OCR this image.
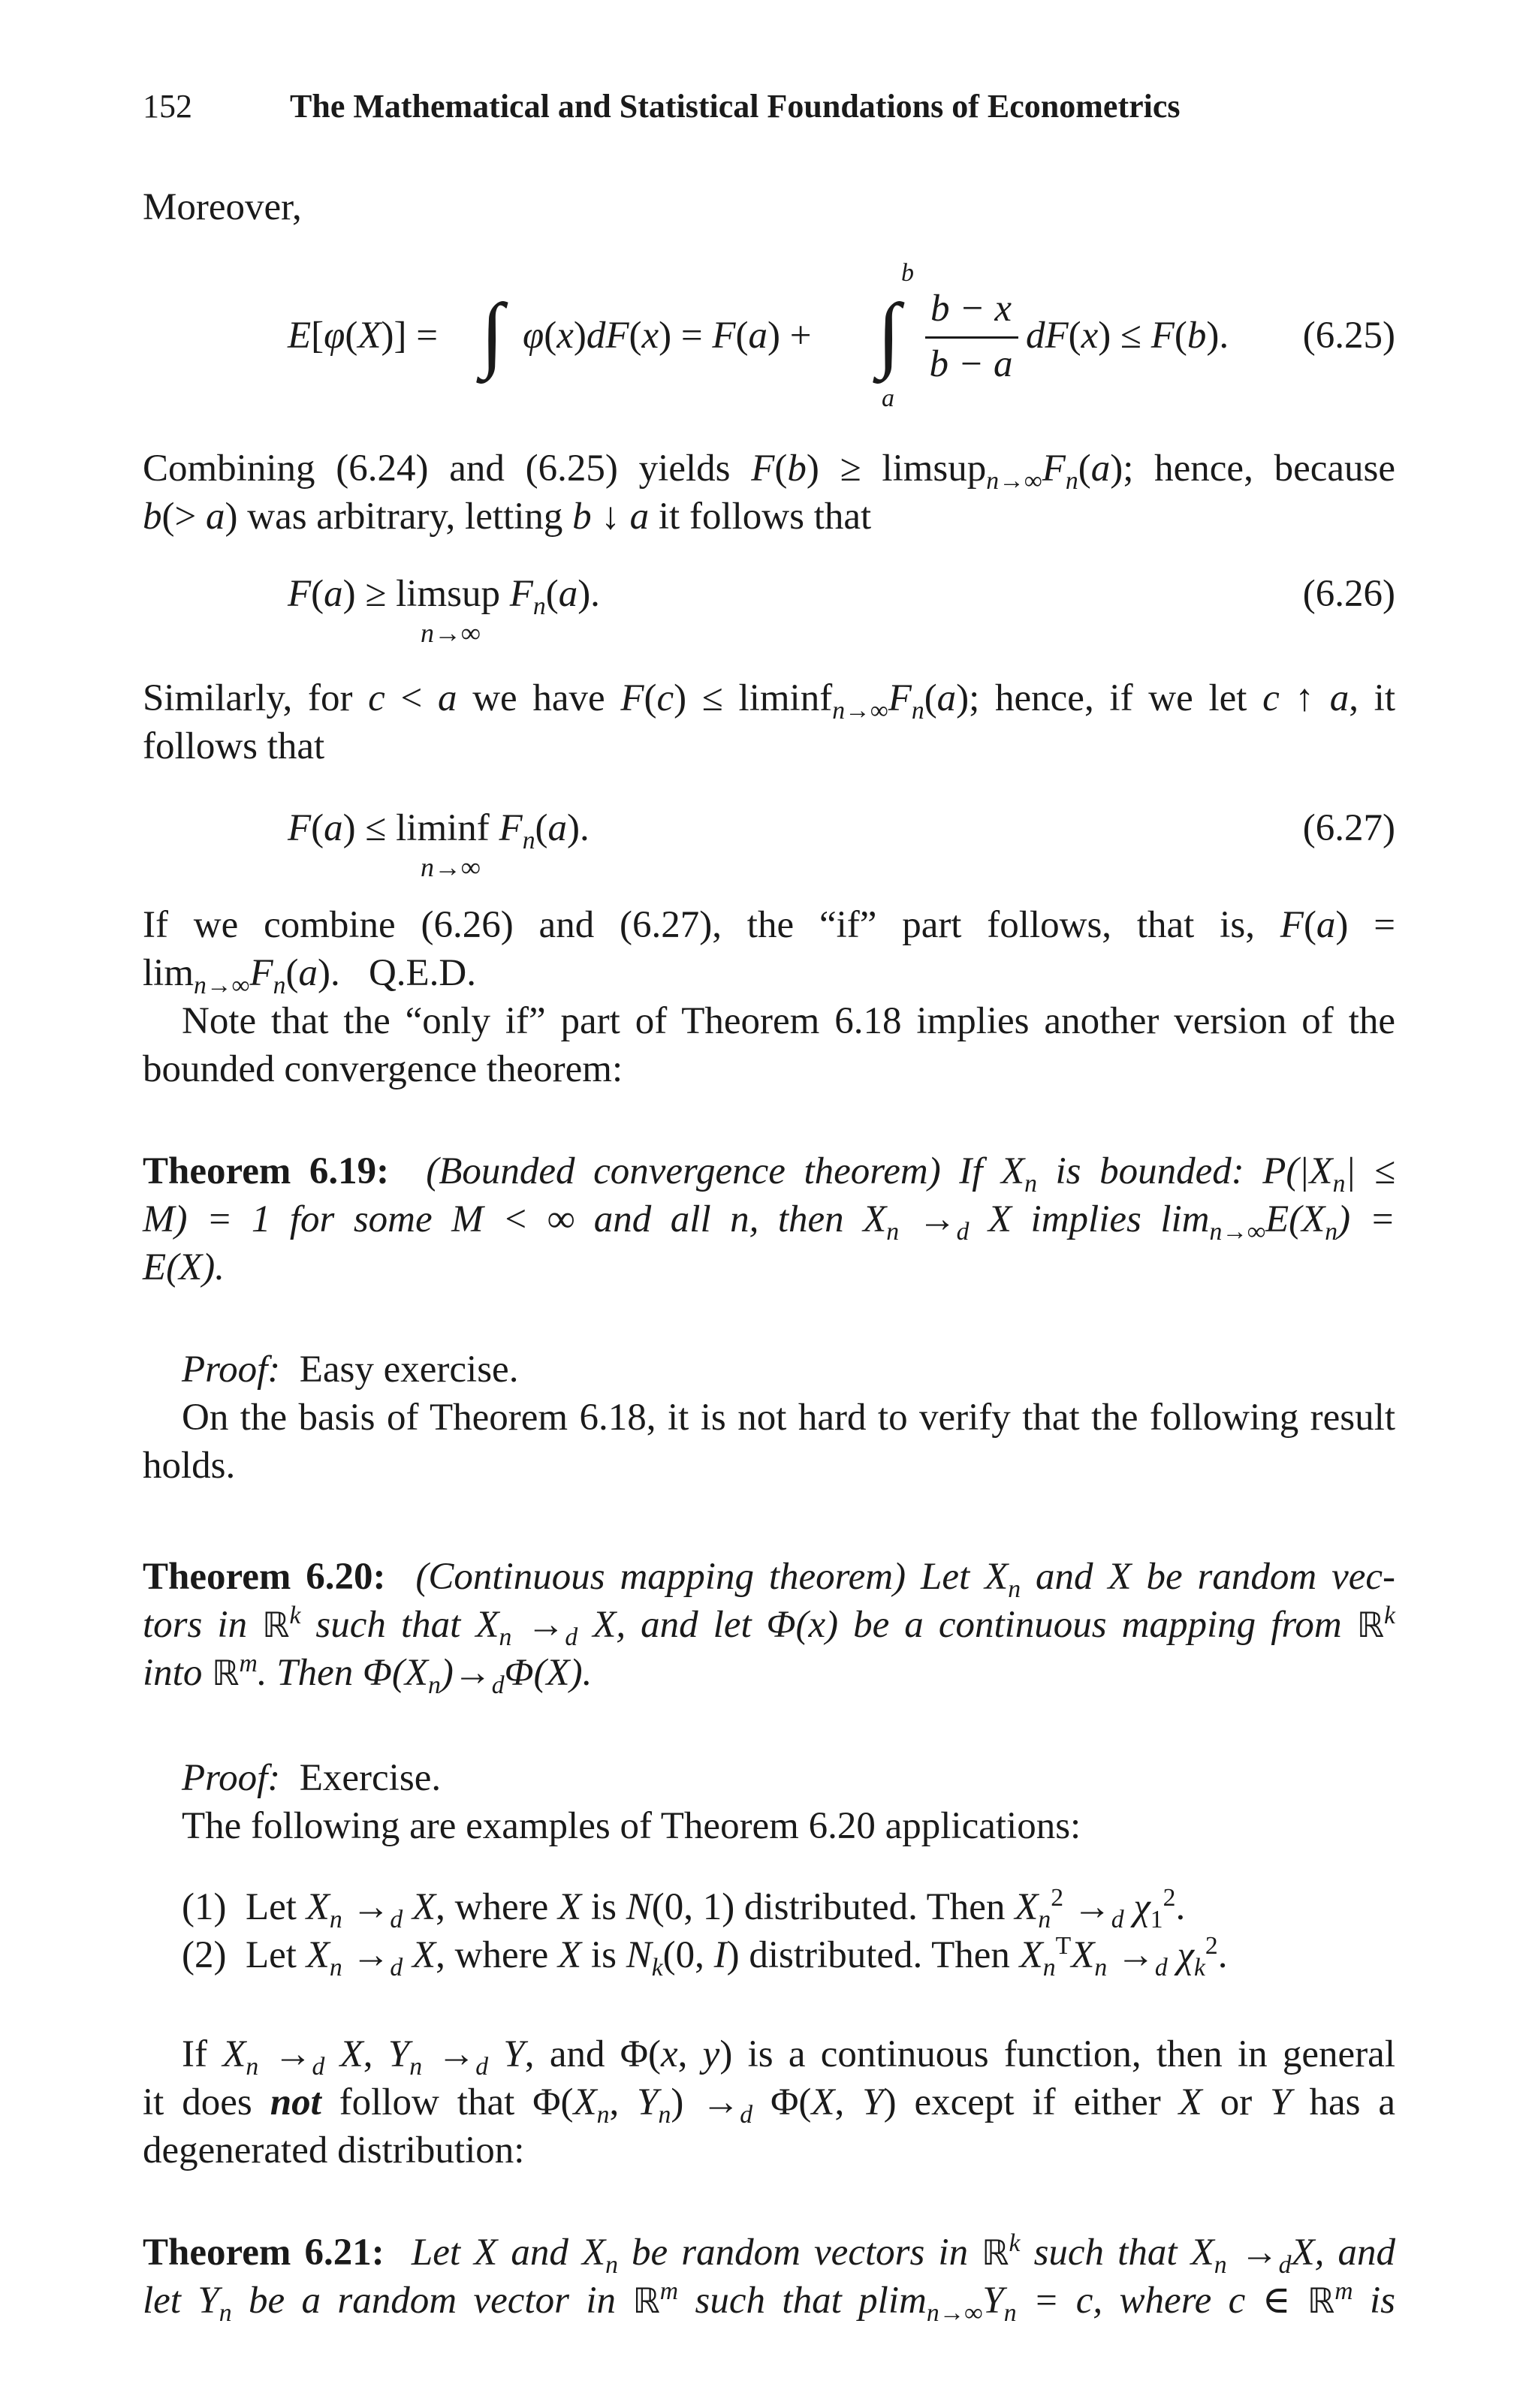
152	The Mathematical and Statistical Foundations of Econometrics
Moreover,
E[φ(X)] = ∫ φ(x)dF(x) = F(a) +
b
∫
a
b − x
b − a
dF(x) ≤ F(b). (6.25)
Combining (6.24) and (6.25) yields $F(b) \ge limsup_{n\to\infty}F_n(a)$; hence, because
b(> a) was arbitrary, letting b ↓ a it follows that
F(a) ≥ limsup $F_n(a)$.
n→∞
(6.26)
Similarly, for c < a we have $F(c) \le liminf_{n\to\infty}F_n(a)$; hence, if we let c ↑ a, it
follows that
F(a) ≤ liminf $F_n(a)$.
n→∞
(6.27)
If we combine (6.26) and (6.27), the “if” part follows, that is, F(a) =
$\lim_{n\to\infty}F_n(a)$.   Q.E.D.
Note that the “only if” part of Theorem 6.18 implies another version of the
bounded convergence theorem:
Theorem 6.19:  (Bounded convergence theorem) If $X_n$ is bounded: $P(|X_n|$ ≤
M) = 1 for some M < ∞ and all n, then $X_n \to_d$ X implies $\lim_{n\to\infty}E(X_n)$ =
E(X).
Proof: Easy exercise.
On the basis of Theorem 6.18, it is not hard to verify that the following result
holds.
Theorem 6.20:  (Continuous mapping theorem) Let $X_n$ and X be random vec-
tors in ℝ$^k$ such that $X_n \to_d$ X, and let Φ(x) be a continuous mapping from ℝ$^k$
into ℝ$^m$. Then $\Phi(X_n)\to_d\Phi(X)$.
Proof: Exercise.
The following are examples of Theorem 6.20 applications:
(1)  Let $X_n \to_d$ X, where X is N(0, 1) distributed. Then $X_n^2 \to_d$ $\chi_1^2$.
(2)  Let $X_n \to_d$ X, where X is $N_k(0$, I) distributed. Then $X_n^TX_n \to_d$ $\chi_k^2$.
If $X_n \to_d$ X, $Y_n \to_d$ Y, and Φ(x, y) is a continuous function, then in general
it does not follow that $\Phi(X_n$, $Y_n) \to_d$ Φ(X, Y) except if either X or Y has a
degenerated distribution:
Theorem 6.21:  Let X and $X_n$ be random vectors in ℝ$^k$ such that $X_n \to_dX$, and
let $Y_n$ be a random vector in ℝ$^m$ such that $plim_{n\to\infty}Y_n = c$, where c ∈ ℝ$^m$ is
